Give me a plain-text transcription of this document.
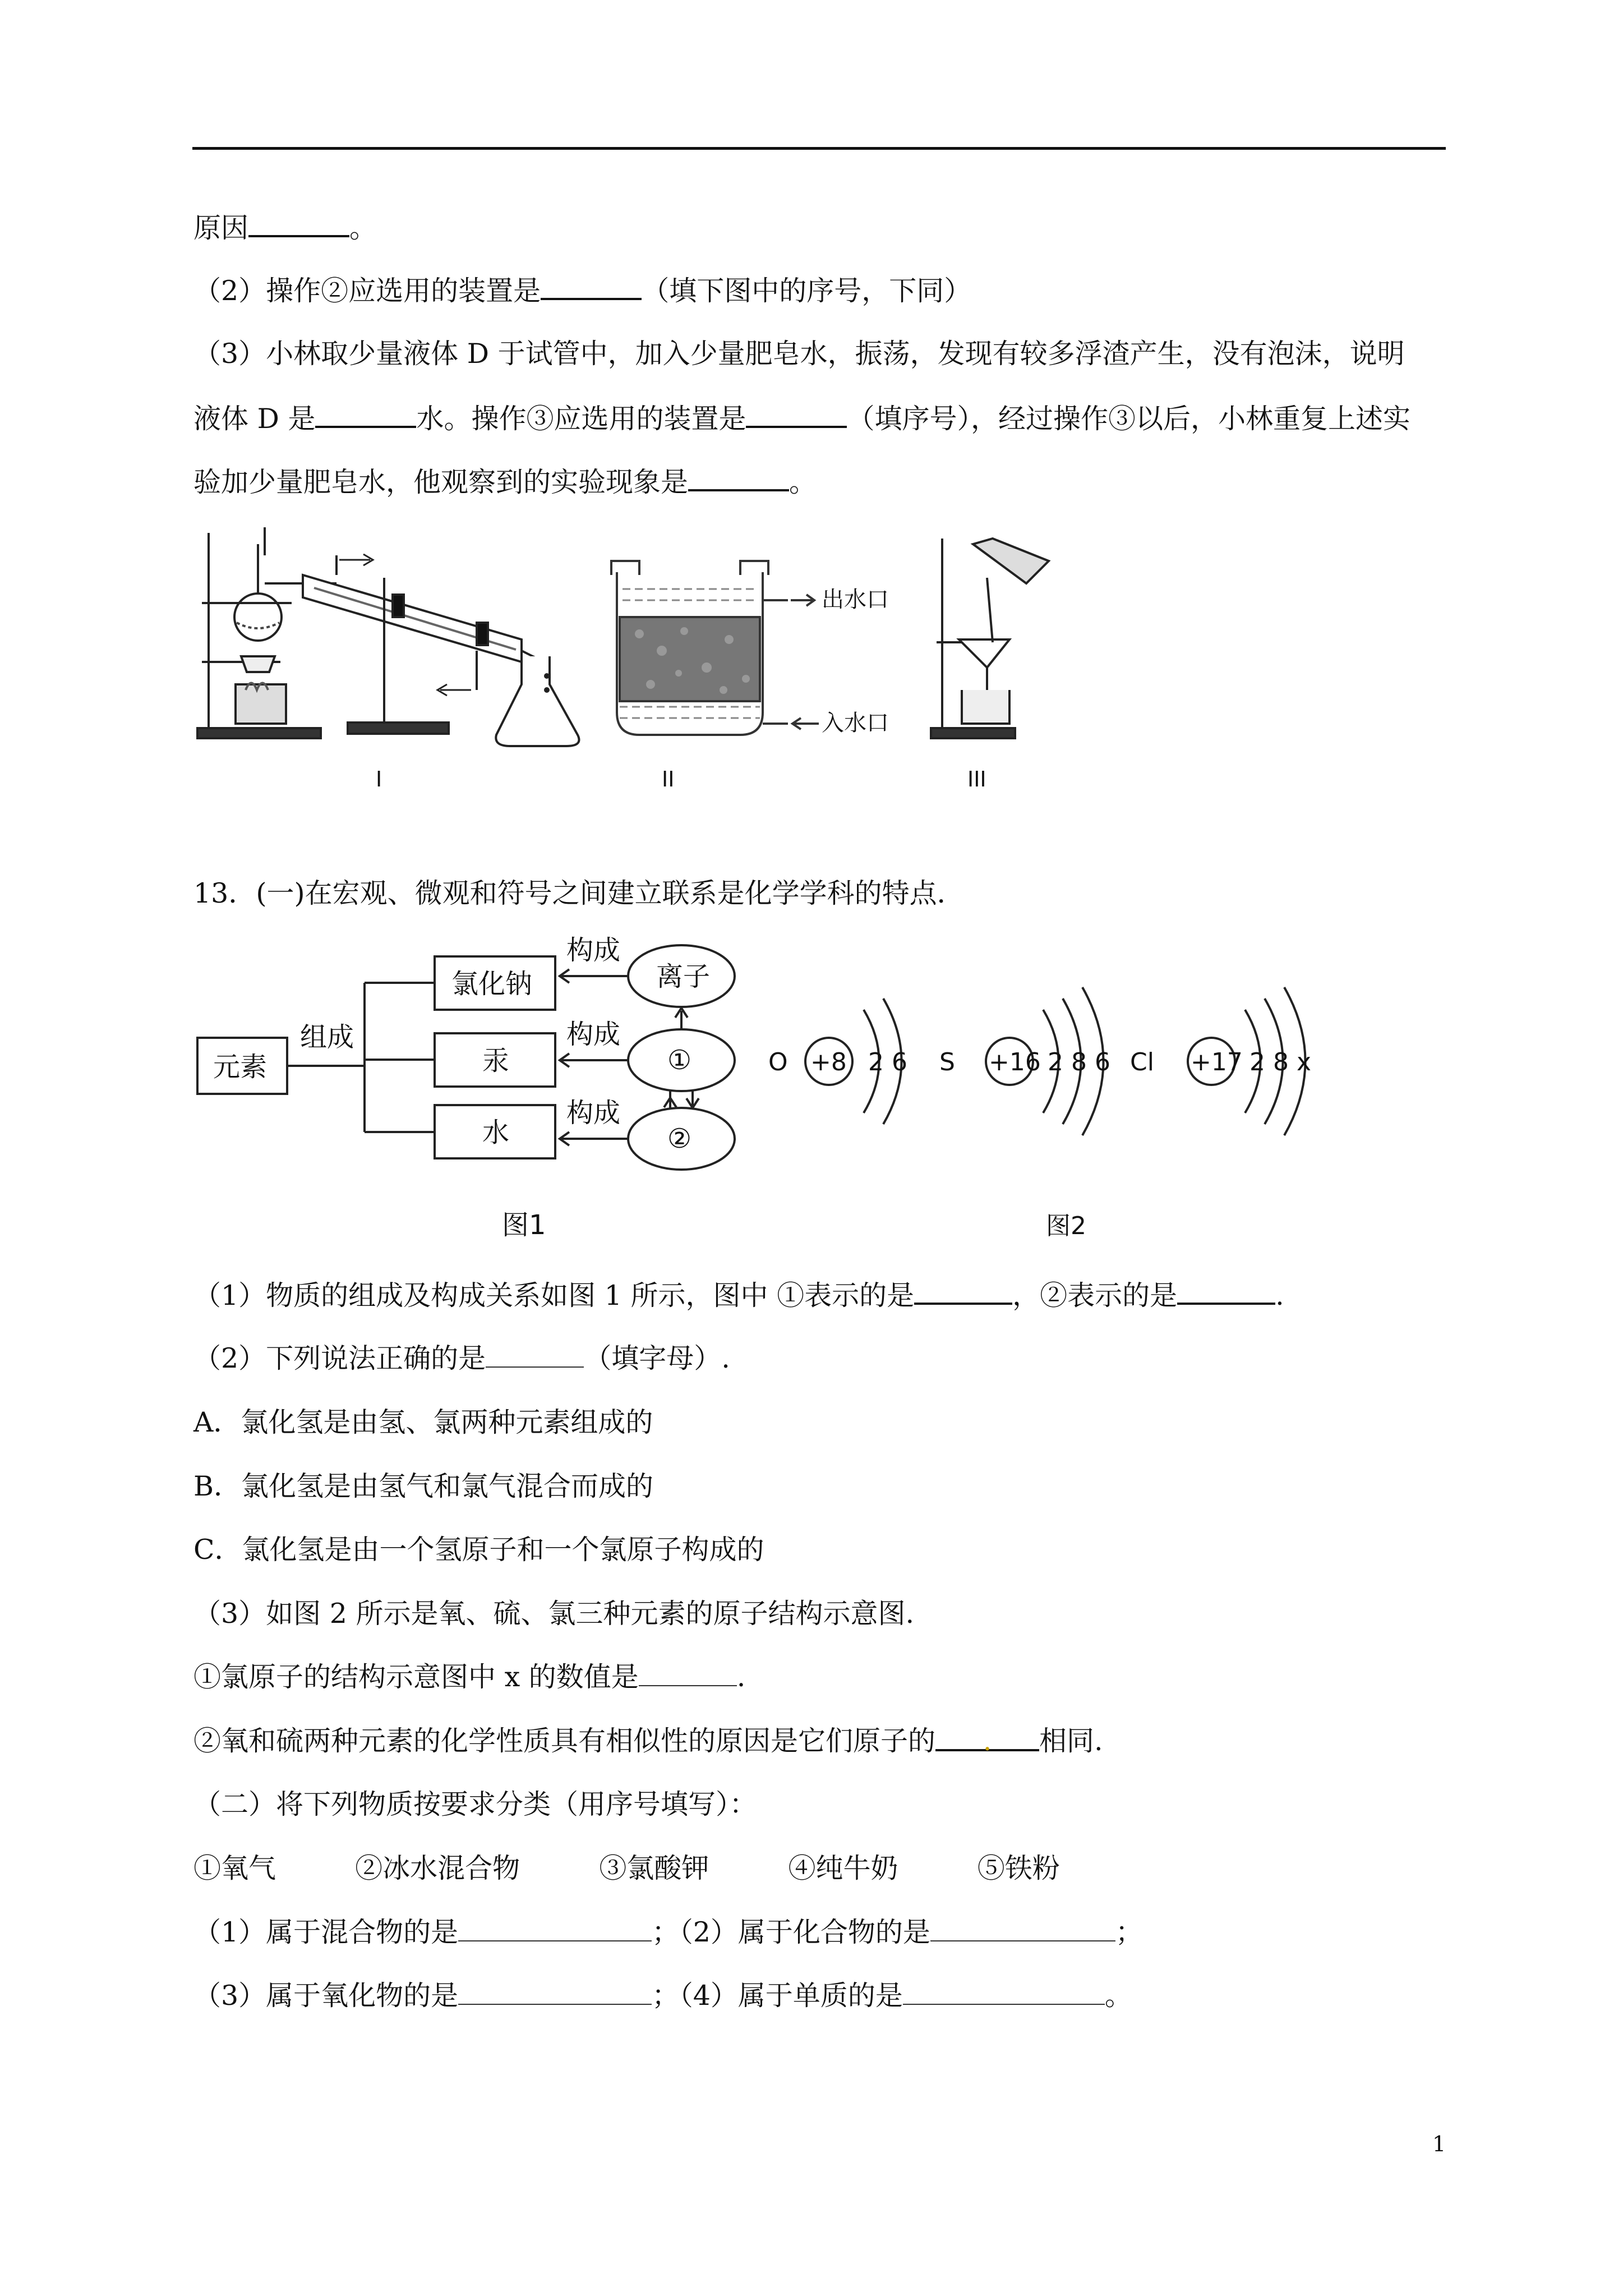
原因	。
（2）操作②应选用的装置是	（填下图中的序号，下同）
（3）小林取少量液体 D 于试管中，加入少量肥皂水，振荡，发现有较多浮渣产生，没有泡沫，说明
液体 D 是	水。操作③应选用的装置是	（填序号），经过操作③以后，小林重复上述实
验加少量肥皂水，他观察到的实验现象是	。
出水口
入水口
I	II	III
13．(一)在宏观、微观和符号之间建立联系是化学学科的特点．
元素
组成
氯化钠
汞
水
构成
构成
构成
离子
①
②
图1
O +8 2 6 S +16 2 8 6 Cl +17 2 8 x
图2
（1）物质的组成及构成关系如图 1 所示，图中 ①表示的是	，②表示的是	.
（2）下列说法正确的是	（填字母）.
A．氯化氢是由氢、氯两种元素组成的
B．氯化氢是由氢气和氯气混合而成的
C．氯化氢是由一个氢原子和一个氯原子构成的
（3）如图 2 所示是氧、硫、氯三种元素的原子结构示意图.
①氯原子的结构示意图中 x 的数值是	.
②氧和硫两种元素的化学性质具有相似性的原因是它们原子的 . 相同.
（二）将下列物质按要求分类（用序号填写）：
①氧气	②冰水混合物	③氯酸钾	④纯牛奶	⑤铁粉
（1）属于混合物的是	；（2）属于化合物的是	；
（3）属于氧化物的是	；（4）属于单质的是	。
1
